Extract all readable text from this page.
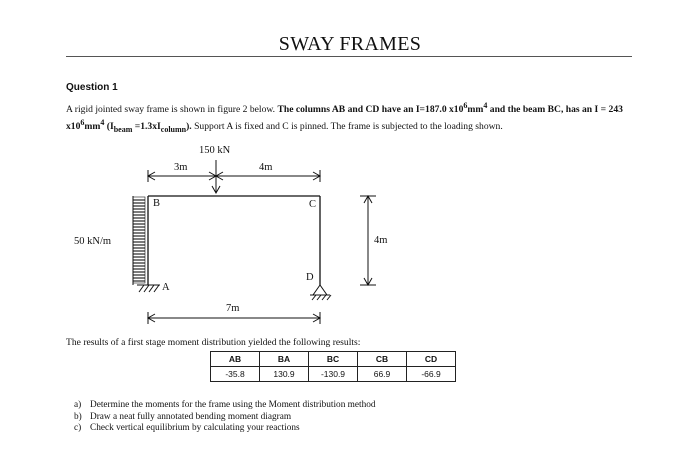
SWAY FRAMES
Question 1
A rigid jointed sway frame is shown in figure 2 below. The columns AB and CD have an I=187.0 $x10^6mm^4$ and the beam BC, has an I = 243 $x10^6mm^4$ $(I_{beam} =1.3xI_{column})$. Support A is fixed and C is pinned. The frame is subjected to the loading shown.
150 kN
3m	4m
4m
7m
50 kN/m
A
B	C
D
The results of a first stage moment distribution yielded the following results:
AB	BA	BC	CB	CD
-35.8	130.9	-130.9	66.9	-66.9
a) Determine the moments for the frame using the Moment distribution method
b) Draw a neat fully annotated bending moment diagram
c) Check vertical equilibrium by calculating your reactions
